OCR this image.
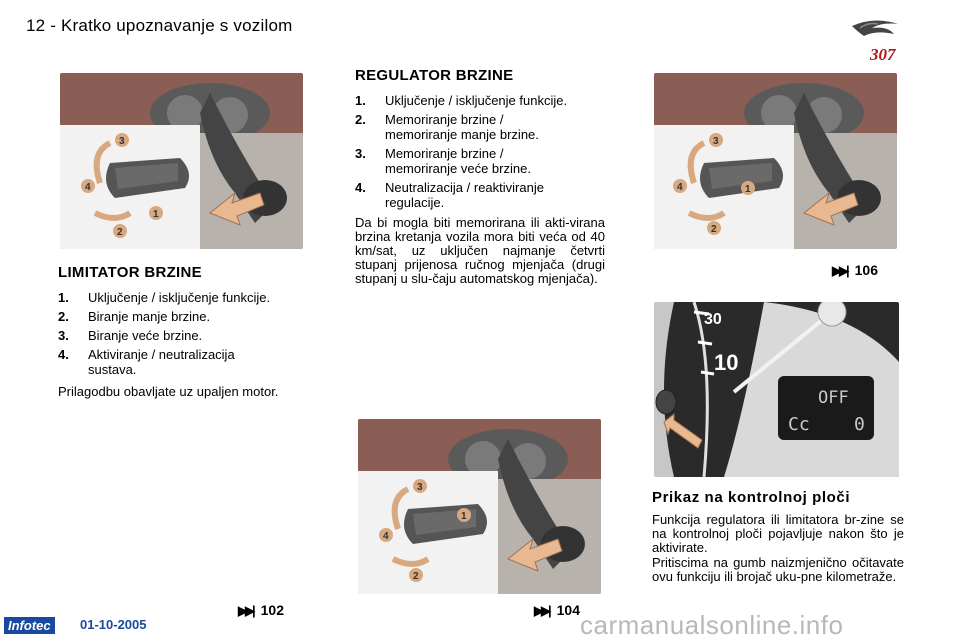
12 - Kratko upoznavanje s vozilom
307
3
4
1
2
LIMITATOR BRZINE
1. Uključenje / isključenje funkcije.
2. Biranje manje brzine.
3. Biranje veće brzine.
4. Aktiviranje / neutralizacija sustava.
Prilagodbu obavljate uz upaljen motor.
▶▶| 102
REGULATOR BRZINE
1. Uključenje / isključenje funkcije.
2. Memoriranje brzine / memoriranje manje brzine.
3. Memoriranje brzine / memoriranje veće brzine.
4. Neutralizacija / reaktiviranje regulacije.
Da bi mogla biti memorirana ili akti-virana brzina kretanja vozila mora biti veća od 40 km/sat, uz uključen najmanje četvrti stupanj prijenosa ručnog mjenjača (drugi stupanj u slu-čaju automatskog mjenjača).
3
4
1
2
▶▶| 104
3
4	1
2
▶▶| 106
30
10
OFF
Cc 0
Prikaz na kontrolnoj ploči
Funkcija regulatora ili limitatora br-zine se na kontrolnoj ploči pojavljuje nakon što je aktivirate.
Pritiscima na gumb naizmjenično očitavate ovu funkciju ili brojač uku-pne kilometraže.
Infotec	01-10-2005	carmanualsonline.info
